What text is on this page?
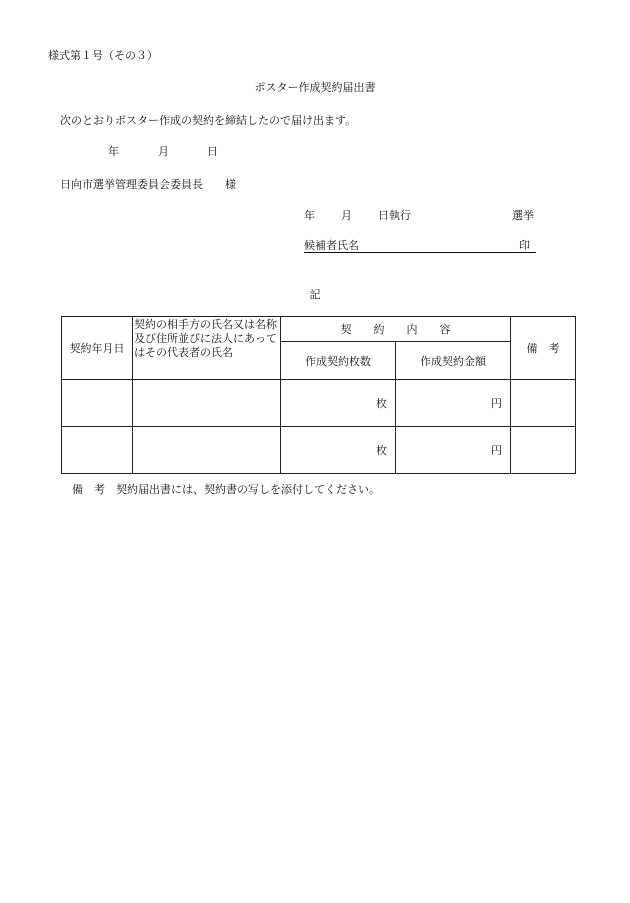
様式第１号（その３）
ポスター作成契約届出書
次のとおりポスター作成の契約を締結したので届け出ます。
年	月	日
日向市選挙管理委員会委員長　　様
年 月 日執行	選挙
候補者氏名	印
記
契約年月日	契約の相手方の氏名又は名称及び住所並びに法人にあってはその代表者の氏名	契　　約　　内　　容		備　考
		作成契約枚数	作成契約金額	
		枚	円	
		枚	円	
備　考　契約届出書には、契約書の写しを添付してください。
